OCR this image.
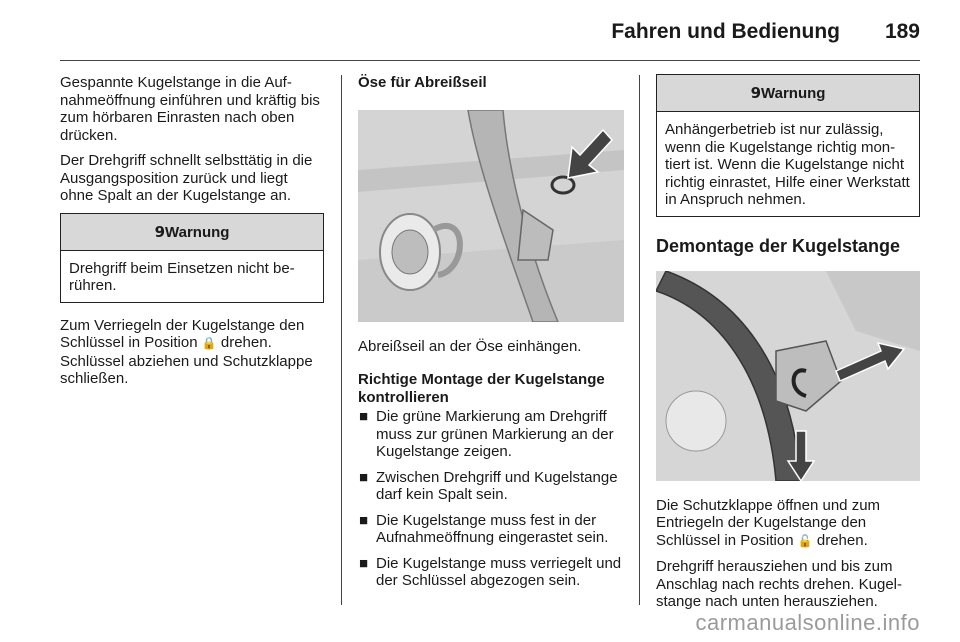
Fahren und Bedienung 189

Gespannte Kugelstange in die Aufnahmeöffnung einführen und kräftig bis zum hörbaren Einrasten nach oben drücken.

Der Drehgriff schnellt selbsttätig in die Ausgangsposition zurück und liegt ohne Spalt an der Kugelstange an.

9Warnung

Drehgriff beim Einsetzen nicht berühren.

Zum Verriegeln der Kugelstange den Schlüssel in Position 🔒 drehen. Schlüssel abziehen und Schutzklappe schließen.

Öse für Abreißseil

Abreißseil an der Öse einhängen.

Richtige Montage der Kugelstange kontrollieren

■ Die grüne Markierung am Drehgriff muss zur grünen Markierung an der Kugelstange zeigen.
■ Zwischen Drehgriff und Kugelstange darf kein Spalt sein.
■ Die Kugelstange muss fest in der Aufnahmeöffnung eingerastet sein.
■ Die Kugelstange muss verriegelt und der Schlüssel abgezogen sein.
9Warnung

Anhängerbetrieb ist nur zulässig, wenn die Kugelstange richtig montiert ist. Wenn die Kugelstange nicht richtig einrastet, Hilfe einer Werkstatt in Anspruch nehmen.

Demontage der Kugelstange

Die Schutzklappe öffnen und zum Entriegeln der Kugelstange den Schlüssel in Position 🔓 drehen.

Drehgriff herausziehen und bis zum Anschlag nach rechts drehen. Kugelstange nach unten herausziehen.

carmanualsonline.info
